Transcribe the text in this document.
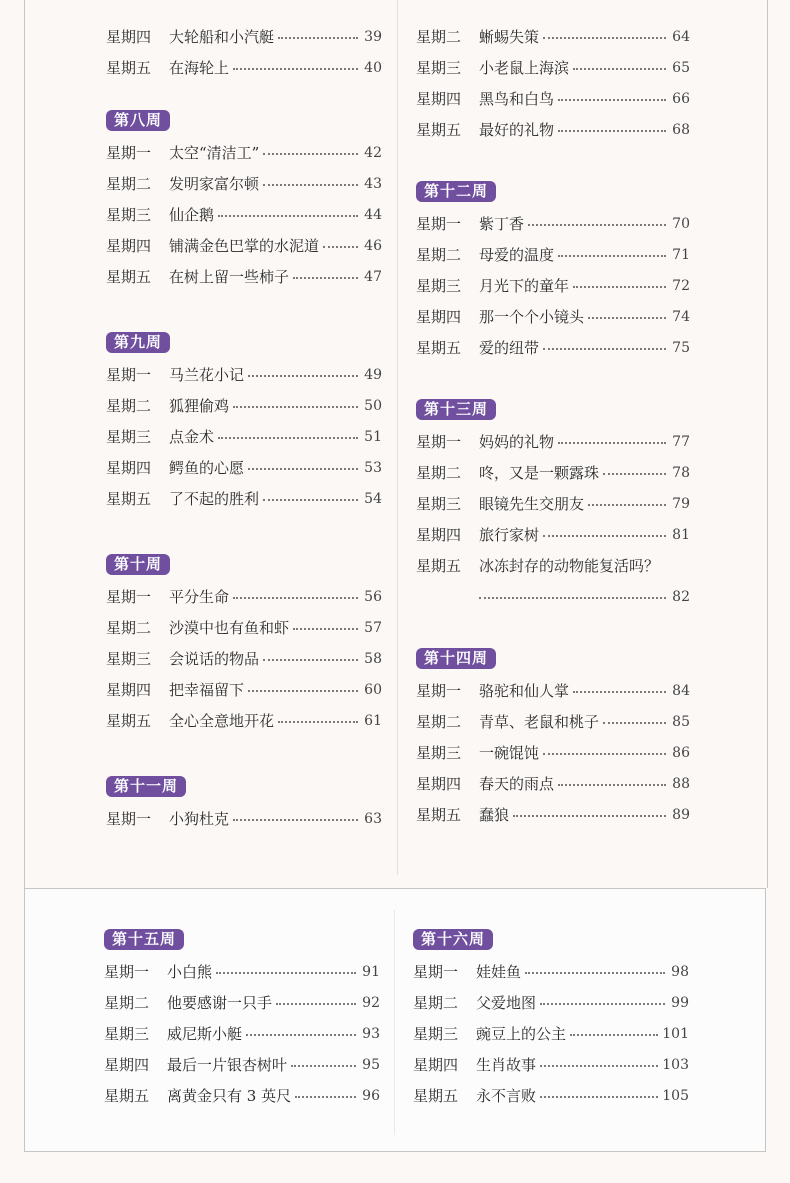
星期四	大轮船和小汽艇	39
星期五	在海轮上	40
第八周
星期一	太空“清洁工”	42
星期二	发明家富尔顿	43
星期三	仙企鹅	44
星期四	铺满金色巴掌的水泥道	46
星期五	在树上留一些柿子	47
第九周
星期一	马兰花小记	49
星期二	狐狸偷鸡	50
星期三	点金术	51
星期四	鳄鱼的心愿	53
星期五	了不起的胜利	54
第十周
星期一	平分生命	56
星期二	沙漠中也有鱼和虾	57
星期三	会说话的物品	58
星期四	把幸福留下	60
星期五	全心全意地开花	61
第十一周
星期一	小狗杜克	63
星期二	蜥蜴失策	64
星期三	小老鼠上海滨	65
星期四	黑鸟和白鸟	66
星期五	最好的礼物	68
第十二周
星期一	紫丁香	70
星期二	母爱的温度	71
星期三	月光下的童年	72
星期四	那一个个小镜头	74
星期五	爱的纽带	75
第十三周
星期一	妈妈的礼物	77
星期二	咚，又是一颗露珠	78
星期三	眼镜先生交朋友	79
星期四	旅行家树	81
星期五	冰冻封存的动物能复活吗？
82
第十四周
星期一	骆驼和仙人掌	84
星期二	青草、老鼠和桃子	85
星期三	一碗馄饨	86
星期四	春天的雨点	88
星期五	蠢狼	89
第十五周
星期一	小白熊	91
星期二	他要感谢一只手	92
星期三	威尼斯小艇	93
星期四	最后一片银杏树叶	95
星期五	离黄金只有 3 英尺	96
第十六周
星期一	娃娃鱼	98
星期二	父爱地图	99
星期三	豌豆上的公主	101
星期四	生肖故事	103
星期五	永不言败	105
